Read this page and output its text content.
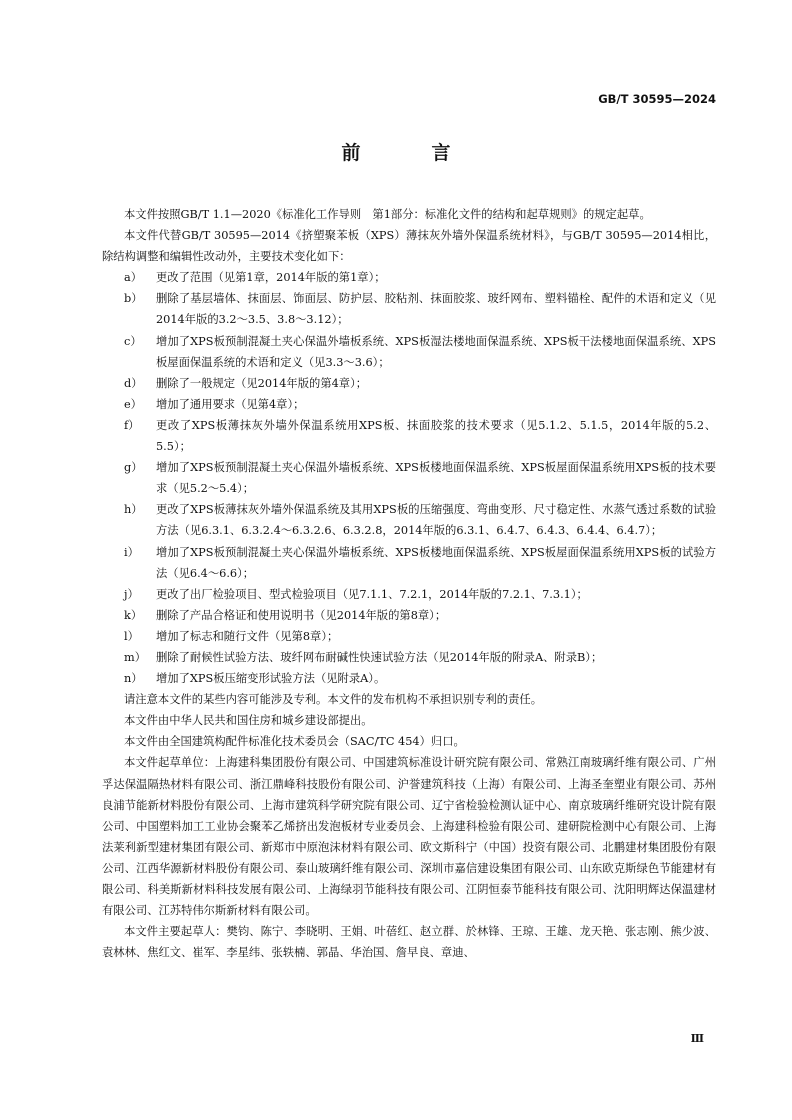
GB/T 30595—2024
前　言

本文件按照GB/T 1.1—2020《标准化工作导则　第1部分：标准化文件的结构和起草规则》的规定起草。

本文件代替GB/T 30595—2014《挤塑聚苯板（XPS）薄抹灰外墙外保温系统材料》，与GB/T 30595—2014相比，除结构调整和编辑性改动外，主要技术变化如下：

a）	更改了范围（见第1章，2014年版的第1章）；
b）	删除了基层墙体、抹面层、饰面层、防护层、胶粘剂、抹面胶浆、玻纤网布、塑料锚栓、配件的术语和定义（见2014年版的3.2～3.5、3.8～3.12）；
c）	增加了XPS板预制混凝土夹心保温外墙板系统、XPS板湿法楼地面保温系统、XPS板干法楼地面保温系统、XPS板屋面保温系统的术语和定义（见3.3～3.6）；
d）	删除了一般规定（见2014年版的第4章）；
e）	增加了通用要求（见第4章）；
f）	更改了XPS板薄抹灰外墙外保温系统用XPS板、抹面胶浆的技术要求（见5.1.2、5.1.5，2014年版的5.2、5.5）；
g）	增加了XPS板预制混凝土夹心保温外墙板系统、XPS板楼地面保温系统、XPS板屋面保温系统用XPS板的技术要求（见5.2～5.4）；
h）	更改了XPS板薄抹灰外墙外保温系统及其用XPS板的压缩强度、弯曲变形、尺寸稳定性、水蒸气透过系数的试验方法（见6.3.1、6.3.2.4～6.3.2.6、6.3.2.8，2014年版的6.3.1、6.4.7、6.4.3、6.4.4、6.4.7）；
i）	增加了XPS板预制混凝土夹心保温外墙板系统、XPS板楼地面保温系统、XPS板屋面保温系统用XPS板的试验方法（见6.4～6.6）；
j）	更改了出厂检验项目、型式检验项目（见7.1.1、7.2.1，2014年版的7.2.1、7.3.1）；
k）	删除了产品合格证和使用说明书（见2014年版的第8章）；
l）	增加了标志和随行文件（见第8章）；
m） 删除了耐候性试验方法、玻纤网布耐碱性快速试验方法（见2014年版的附录A、附录B）；
n）	增加了XPS板压缩变形试验方法（见附录A）。

请注意本文件的某些内容可能涉及专利。本文件的发布机构不承担识别专利的责任。

本文件由中华人民共和国住房和城乡建设部提出。

本文件由全国建筑构配件标准化技术委员会（SAC/TC 454）归口。

本文件起草单位：上海建科集团股份有限公司、中国建筑标准设计研究院有限公司、常熟江南玻璃纤维有限公司、广州孚达保温隔热材料有限公司、浙江鼎峰科技股份有限公司、沪誉建筑科技（上海）有限公司、上海圣奎塑业有限公司、苏州良浦节能新材料股份有限公司、上海市建筑科学研究院有限公司、辽宁省检验检测认证中心、南京玻璃纤维研究设计院有限公司、中国塑料加工工业协会聚苯乙烯挤出发泡板材专业委员会、上海建科检验有限公司、建研院检测中心有限公司、上海法莱利新型建材集团有限公司、新郑市中原泡沫材料有限公司、欧文斯科宁（中国）投资有限公司、北鹏建材集团股份有限公司、江西华源新材料股份有限公司、泰山玻璃纤维有限公司、深圳市嘉信建设集团有限公司、山东欧克斯绿色节能建材有限公司、科美斯新材料科技发展有限公司、上海绿羽节能科技有限公司、江阴恒泰节能科技有限公司、沈阳明辉达保温建材有限公司、江苏特伟尔斯新材料有限公司。

本文件主要起草人：樊钧、陈宁、李晓明、王娟、叶蓓红、赵立群、於林锋、王琼、王雄、龙天艳、张志刚、熊少波、袁林林、焦红文、崔军、李星纬、张轶楠、郭晶、华治国、詹早良、章迪、

Ⅲ
